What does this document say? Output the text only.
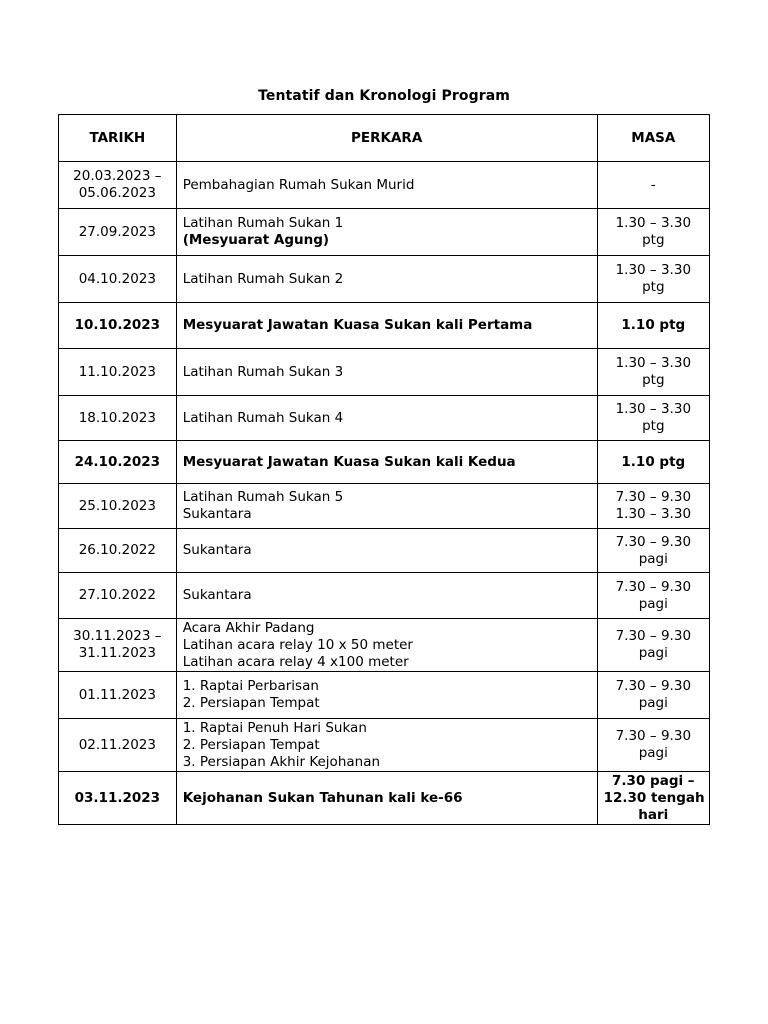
Tentatif dan Kronologi Program
TARIKH	PERKARA	MASA

20.03.2023 –
05.06.2023	Pembahagian Rumah Sukan Murid	-

27.09.2023	Latihan Rumah Sukan 1
(Mesyuarat Agung)	1.30 – 3.30
ptg

04.10.2023	Latihan Rumah Sukan 2	1.30 – 3.30
ptg

10.10.2023	Mesyuarat Jawatan Kuasa Sukan kali Pertama	1.10 ptg

11.10.2023	Latihan Rumah Sukan 3	1.30 – 3.30
ptg

18.10.2023	Latihan Rumah Sukan 4	1.30 – 3.30
ptg

24.10.2023	Mesyuarat Jawatan Kuasa Sukan kali Kedua	1.10 ptg

25.10.2023	Latihan Rumah Sukan 5
Sukantara	7.30 – 9.30
1.30 – 3.30

26.10.2022	Sukantara	7.30 – 9.30
pagi

27.10.2022	Sukantara	7.30 – 9.30
pagi

30.11.2023 –
31.11.2023	Acara Akhir Padang
Latihan acara relay 10 x 50 meter
Latihan acara relay 4 x100 meter	7.30 – 9.30
pagi

01.11.2023	1. Raptai Perbarisan
2. Persiapan Tempat	7.30 – 9.30
pagi

02.11.2023	1. Raptai Penuh Hari Sukan
2. Persiapan Tempat
3. Persiapan Akhir Kejohanan	7.30 – 9.30
pagi

03.11.2023	Kejohanan Sukan Tahunan kali ke-66	7.30 pagi –
12.30 tengah
hari
